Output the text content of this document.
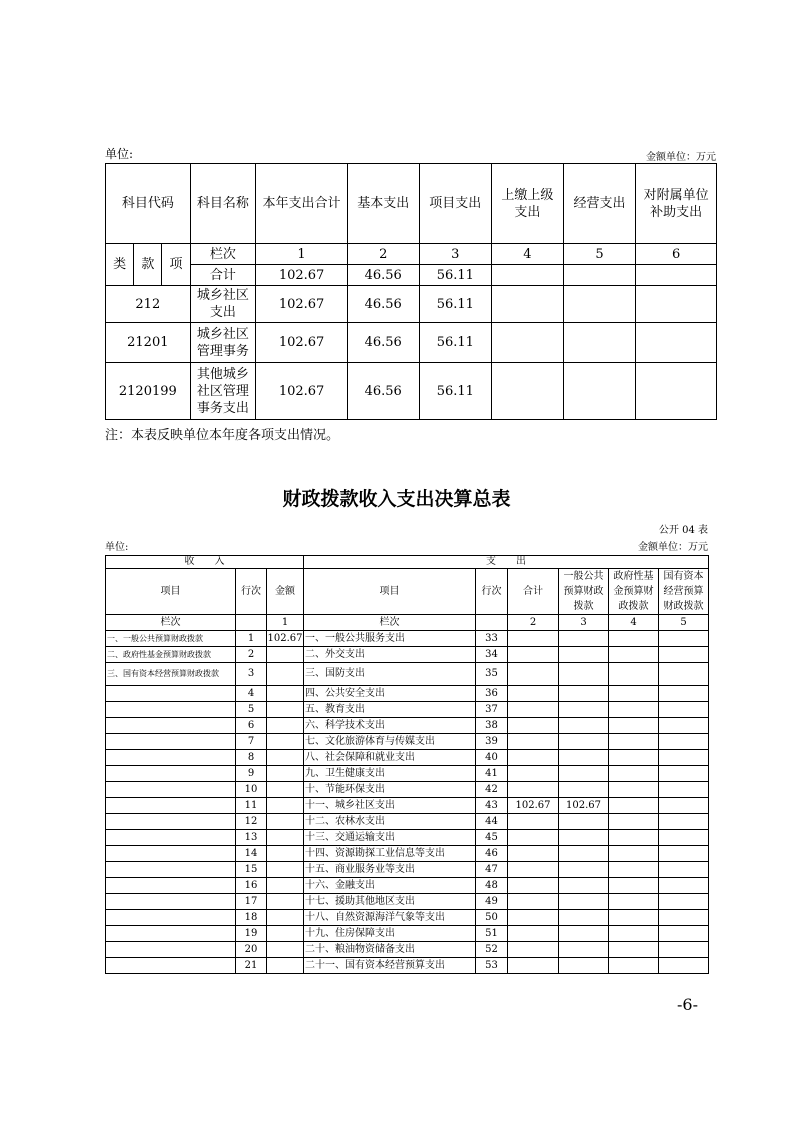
单位:	金额单位：万元
科目代码			科目名称	本年支出合计	基本支出	项目支出	上缴上级支出	经营支出	对附属单位补助支出
类	款	项	栏次	1	2	3	4	5	6
			合计	102.67	46.56	56.11			
212			城乡社区支出	102.67	46.56	56.11			
21201			城乡社区管理事务	102.67	46.56	56.11			
2120199			其他城乡社区管理事务支出	102.67	46.56	56.11			
注：本表反映单位本年度各项支出情况。
财政拨款收入支出决算总表
公开 04 表
单位:	金额单位：万元
收　　入			支　　出					
项目	行次	金额	项目	行次	合计	一般公共预算财政拨款	政府性基金预算财政拨款	国有资本经营预算财政拨款
栏次		1	栏次		2	3	4	5
一、一般公共预算财政拨款	1	102.67	一、一般公共服务支出	33				
二、政府性基金预算财政拨款	2		二、外交支出	34				
三、国有资本经营预算财政拨款	3		三、国防支出	35				
	4		四、公共安全支出	36				
	5		五、教育支出	37				
	6		六、科学技术支出	38				
	7		七、文化旅游体育与传媒支出	39				
	8		八、社会保障和就业支出	40				
	9		九、卫生健康支出	41				
	10		十、节能环保支出	42				
	11		十一、城乡社区支出	43	102.67	102.67		
	12		十二、农林水支出	44				
	13		十三、交通运输支出	45				
	14		十四、资源勘探工业信息等支出	46				
	15		十五、商业服务业等支出	47				
	16		十六、金融支出	48				
	17		十七、援助其他地区支出	49				
	18		十八、自然资源海洋气象等支出	50				
	19		十九、住房保障支出	51				
	20		二十、粮油物资储备支出	52				
	21		二十一、国有资本经营预算支出	53				
-6-
